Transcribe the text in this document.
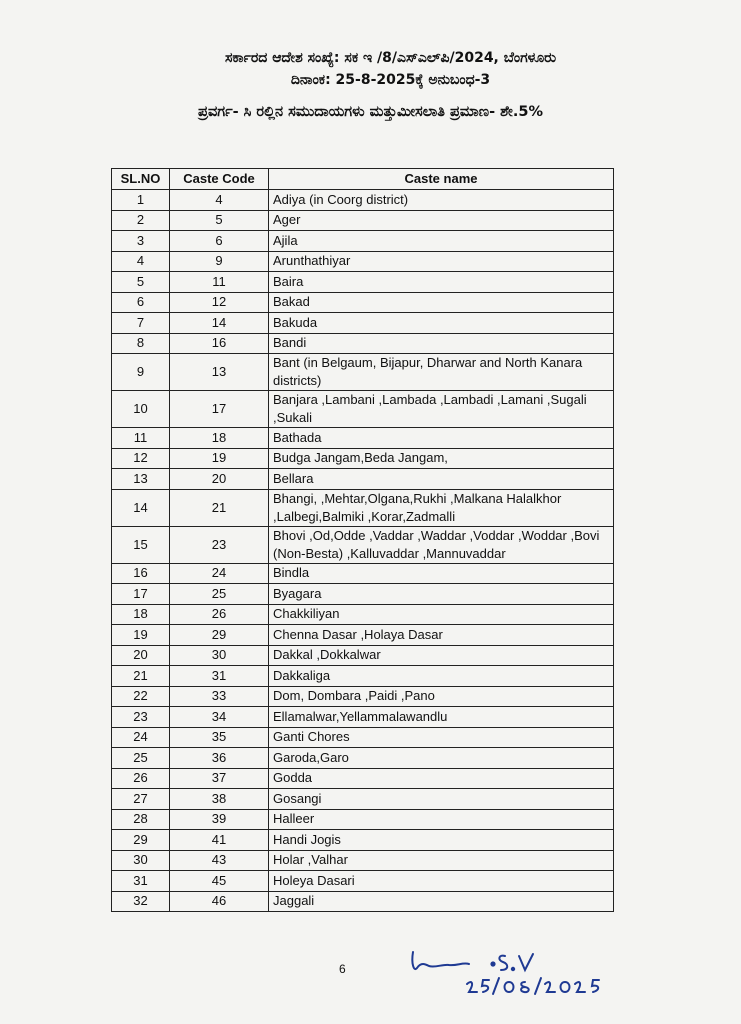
ಸರ್ಕಾರದ ಆದೇಶ ಸಂಖ್ಯೆ: ಸಕ ಇ /8/ಎಸ್ಎಲ್‌ಪಿ/2024, ಬೆಂಗಳೂರು
ದಿನಾಂಕ: 25-8-2025ಕ್ಕೆ ಅನುಬಂಧ-3
ಪ್ರವರ್ಗ- ಸಿ ರಲ್ಲಿನ ಸಮುದಾಯಗಳು ಮತ್ತುಮೀಸಲಾತಿ ಪ್ರಮಾಣ- ಶೇ.5%
SL.NO	Caste Code	Caste name
1	4	Adiya (in Coorg district)
2	5	Ager
3	6	Ajila
4	9	Arunthathiyar
5	11	Baira
6	12	Bakad
7	14	Bakuda
8	16	Bandi
9	13	Bant (in Belgaum, Bijapur, Dharwar and North Kanara districts)
10	17	Banjara ,Lambani ,Lambada ,Lambadi ,Lamani ,Sugali ,Sukali
11	18	Bathada
12	19	Budga Jangam,Beda Jangam,
13	20	Bellara
14	21	Bhangi, ,Mehtar,Olgana,Rukhi ,Malkana Halalkhor ,Lalbegi,Balmiki ,Korar,Zadmalli
15	23	Bhovi ,Od,Odde ,Vaddar ,Waddar ,Voddar ,Woddar ,Bovi (Non-Besta) ,Kalluvaddar ,Mannuvaddar
16	24	Bindla
17	25	Byagara
18	26	Chakkiliyan
19	29	Chenna Dasar ,Holaya Dasar
20	30	Dakkal ,Dokkalwar
21	31	Dakkaliga
22	33	Dom, Dombara ,Paidi ,Pano
23	34	Ellamalwar,Yellammalawandlu
24	35	Ganti Chores
25	36	Garoda,Garo
26	37	Godda
27	38	Gosangi
28	39	Halleer
29	41	Handi Jogis
30	43	Holar ,Valhar
31	45	Holeya Dasari
32	46	Jaggali
6
